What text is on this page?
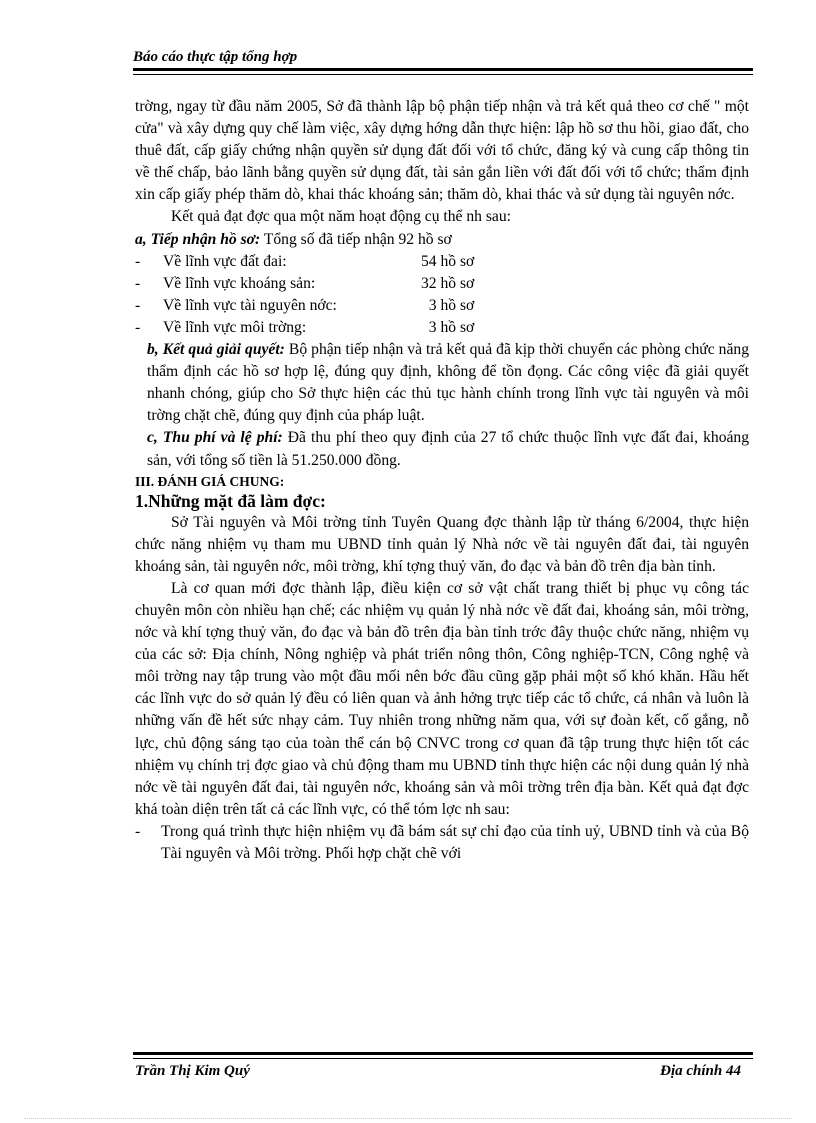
Báo cáo thực tập tổng hợp

trờng, ngay từ đầu năm 2005, Sở đã thành lập bộ phận tiếp nhận và trả kết quả theo cơ chế " một cửa" và xây dựng quy chế làm việc, xây dựng hớng dẫn thực hiện: lập hồ sơ thu hồi, giao đất, cho thuê đất, cấp giấy chứng nhận quyền sử dụng đất đối với tổ chức, đăng ký và cung cấp thông tin về thế chấp, bảo lãnh bằng quyền sử dụng đất, tài sản gắn liền với đất đối với tổ chức; thẩm định xin cấp giấy phép thăm dò, khai thác khoáng sản; thăm dò, khai thác và sử dụng tài nguyên nớc.

Kết quả đạt đợc qua một năm hoạt động cụ thể nh sau:

a, Tiếp nhận hồ sơ: Tổng số đã tiếp nhận 92 hồ sơ

-	Về lĩnh vực đất đai:	54 hồ sơ
-	Về lĩnh vực khoáng sản:	32 hồ sơ
-	Về lĩnh vực tài nguyên nớc:	3 hồ sơ
-	Về lĩnh vực môi trờng:	3 hồ sơ

b, Kết quả giải quyết: Bộ phận tiếp nhận và trả kết quả đã kịp thời chuyển các phòng chức năng thẩm định các hồ sơ hợp lệ, đúng quy định, không để tồn đọng. Các công việc đã giải quyết nhanh chóng, giúp cho Sở thực hiện các thủ tục hành chính trong lĩnh vực tài nguyên và môi trờng chặt chẽ, đúng quy định của pháp luật.

c, Thu phí và lệ phí: Đã thu phí theo quy định của 27 tổ chức thuộc lĩnh vực đất đai, khoáng sản, với tổng số tiền là 51.250.000 đồng.

III. ĐÁNH GIÁ CHUNG:
1.Những mặt đã làm đợc:

Sở Tài nguyên và Môi trờng tỉnh Tuyên Quang đợc thành lập từ tháng 6/2004, thực hiện chức năng nhiệm vụ tham mu UBND tỉnh quản lý Nhà nớc về tài nguyên đất đai, tài nguyên khoáng sản, tài nguyên nớc, môi trờng, khí tợng thuỷ văn, đo đạc và bản đồ trên địa bàn tỉnh.

Là cơ quan mới đợc thành lập, điều kiện cơ sở vật chất trang thiết bị phục vụ công tác chuyên môn còn nhiều hạn chế; các nhiệm vụ quản lý nhà nớc về đất đai, khoáng sản, môi trờng, nớc và khí tợng thuỷ văn, đo đạc và bản đồ trên địa bàn tỉnh trớc đây thuộc chức năng, nhiệm vụ của các sở: Địa chính, Nông nghiệp và phát triển nông thôn, Công nghiệp-TCN, Công nghệ và môi trờng nay tập trung vào một đầu mối nên bớc đầu cũng gặp phải một số khó khăn. Hầu hết các lĩnh vực do sở quản lý đều có liên quan và ảnh hởng trực tiếp các tổ chức, cá nhân và luôn là những vấn đề hết sức nhạy cảm. Tuy nhiên trong những năm qua, với sự đoàn kết, cố gắng, nỗ lực, chủ động sáng tạo của toàn thể cán bộ CNVC trong cơ quan đã tập trung thực hiện tốt các nhiệm vụ chính trị đợc giao và chủ động tham mu UBND tỉnh thực hiện các nội dung quản lý nhà nớc về tài nguyên đất đai, tài nguyên nớc, khoáng sản và môi trờng trên địa bàn. Kết quả đạt đợc khá toàn diện trên tất cả các lĩnh vực, có thể tóm lợc nh sau:

-	Trong quá trình thực hiện nhiệm vụ đã bám sát sự chỉ đạo của tỉnh uỷ, UBND tỉnh và của Bộ Tài nguyên và Môi trờng. Phối hợp chặt chẽ với
Trần Thị Kim Quý	Địa chính 44
